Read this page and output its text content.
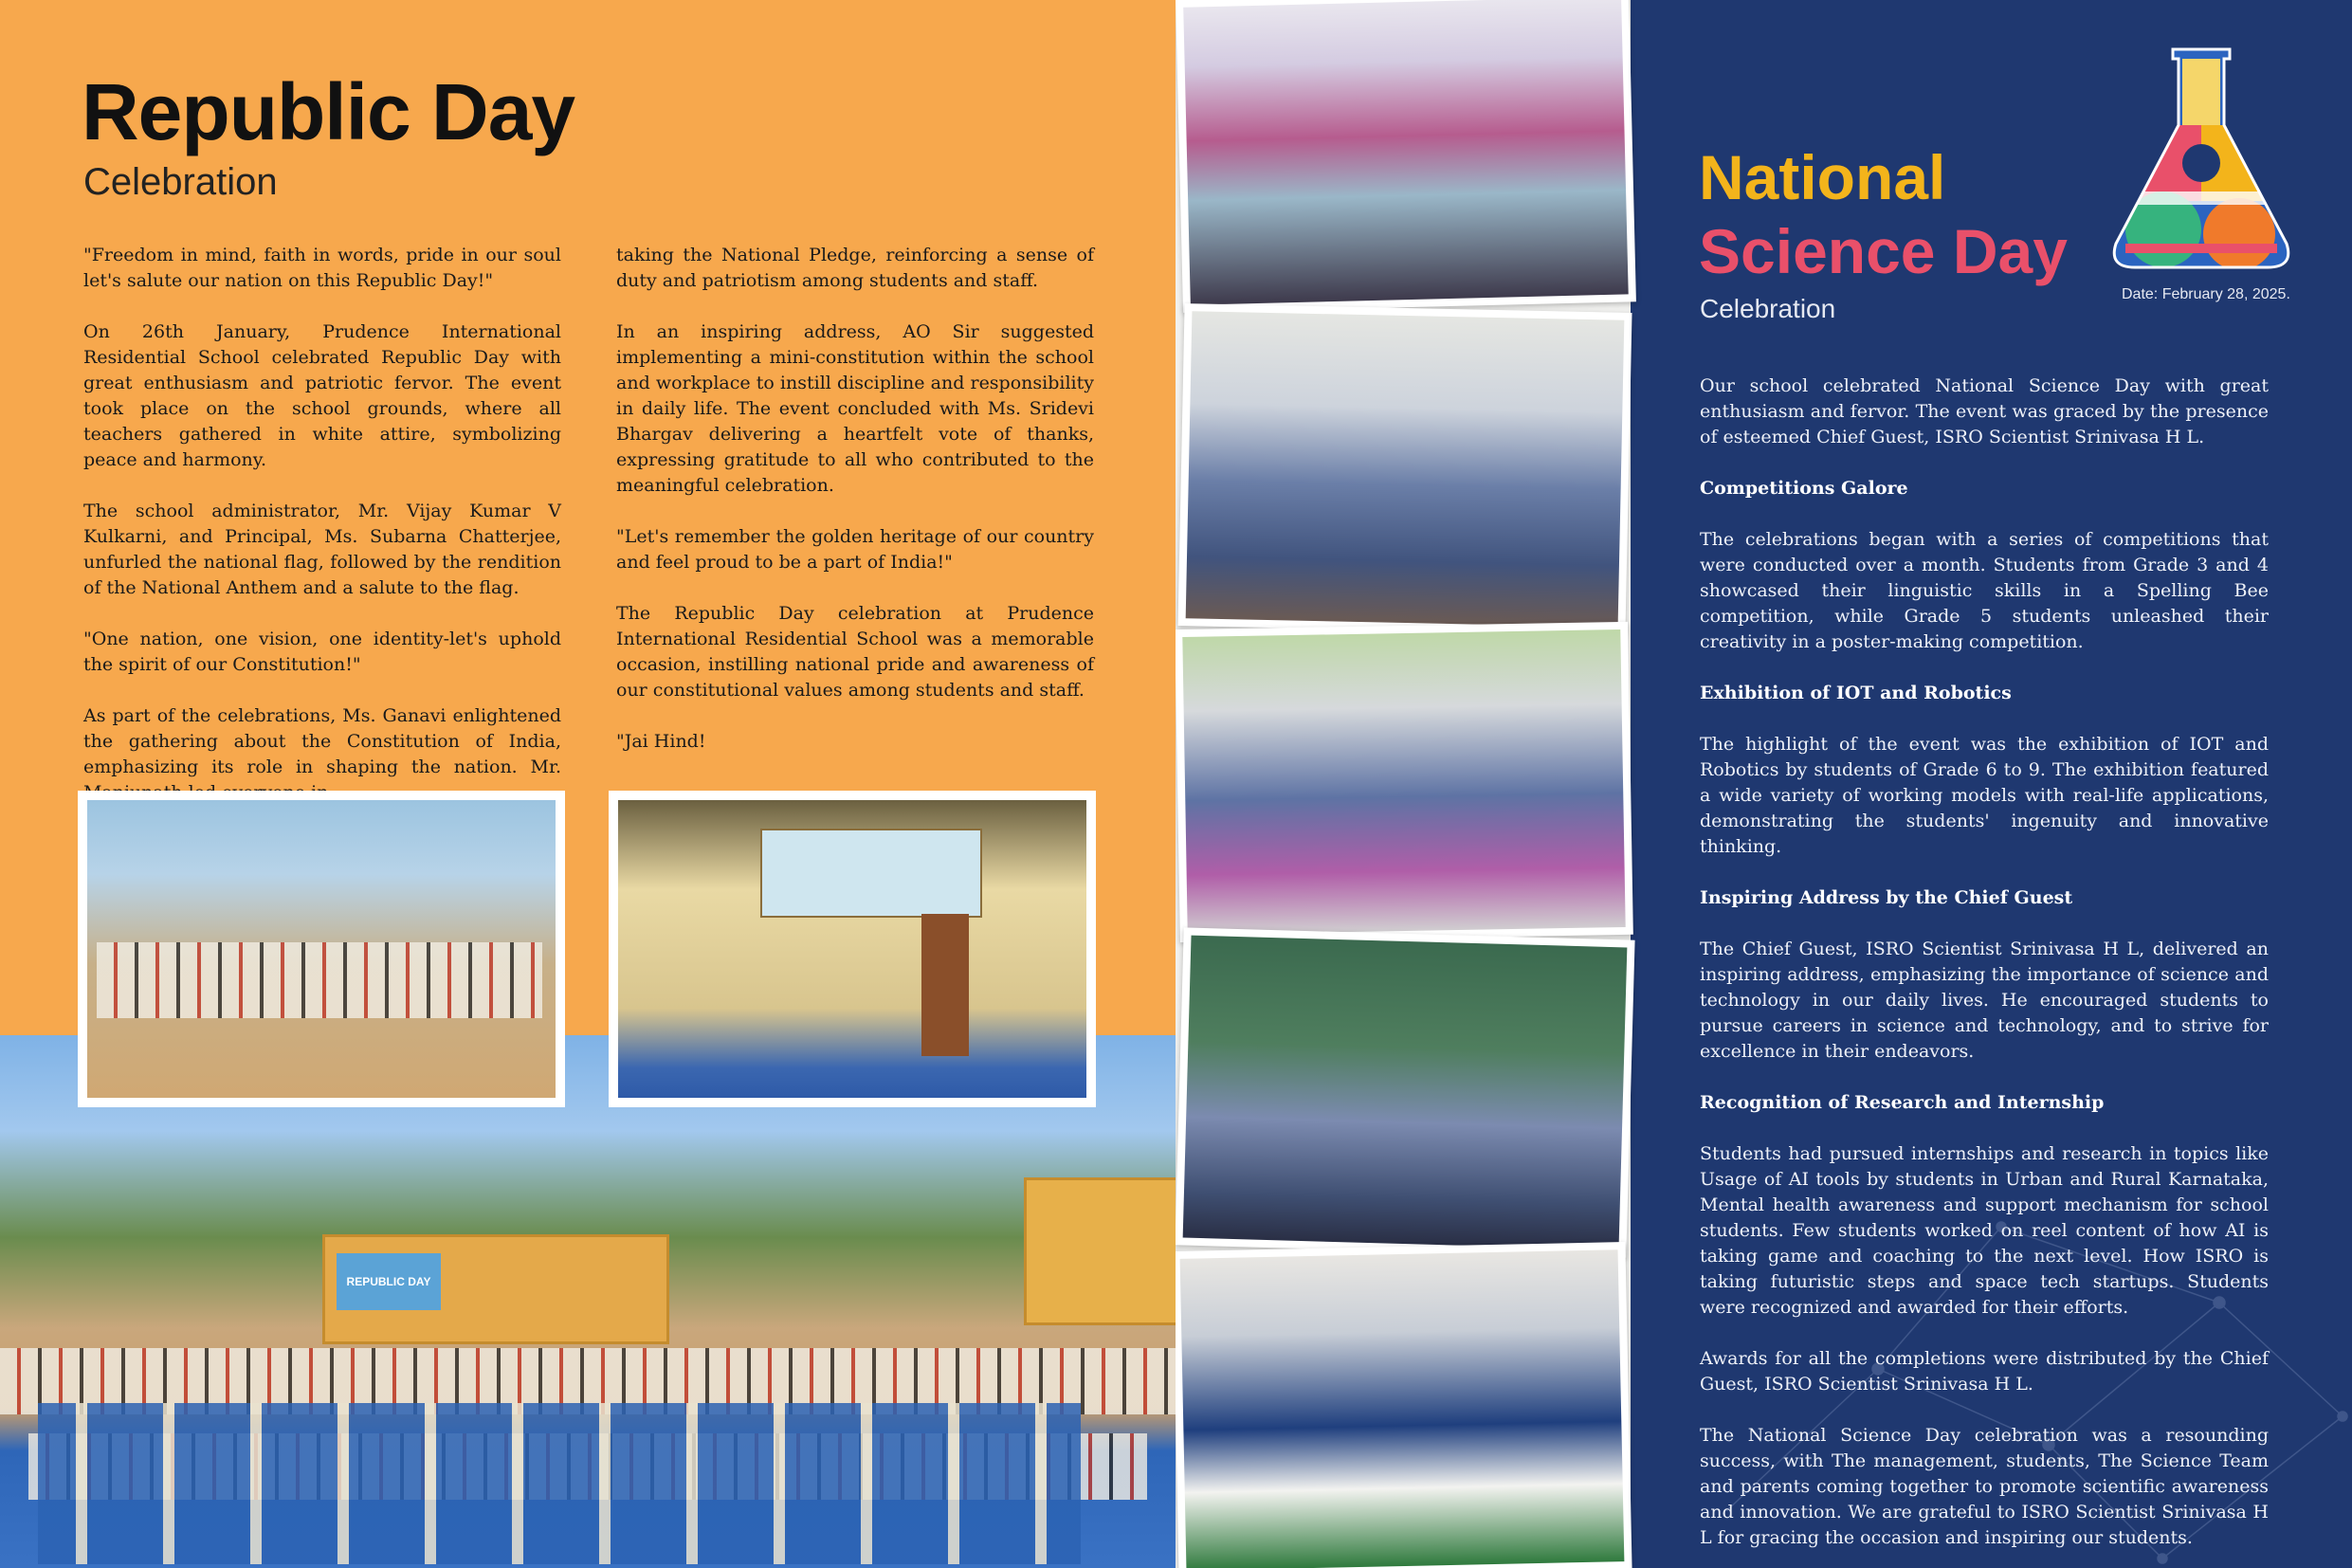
Republic Day
Celebration

"Freedom in mind, faith in words, pride in our soul let's salute our nation on this Republic Day!"

On 26th January, Prudence International Residential School celebrated Republic Day with great enthusiasm and patriotic fervor. The event took place on the school grounds, where all teachers gathered in white attire, symbolizing peace and harmony.

The school administrator, Mr. Vijay Kumar V Kulkarni, and Principal, Ms. Subarna Chatterjee, unfurled the national flag, followed by the rendition of the National Anthem and a salute to the flag.

"One nation, one vision, one identity-let's uphold the spirit of our Constitution!"

As part of the celebrations, Ms. Ganavi enlightened the gathering about the Constitution of India, emphasizing its role in shaping the nation. Mr.

taking the National Pledge, reinforcing a sense of duty and patriotism among students and staff.

In an inspiring address, AO Sir suggested implementing a mini-constitution within the school and workplace to instill discipline and responsibility in daily life. The event concluded with Ms. Sridevi Bhargav delivering a heartfelt vote of thanks, expressing gratitude to all who contributed to the meaningful celebration.

"Let's remember the golden heritage of our country and feel proud to be a part of India!"

The Republic Day celebration at Prudence International Residential School was a memorable occasion, instilling national pride and awareness of our constitutional values among students and staff.

"Jai Hind!

REPUBLIC DAY
National
Science Day
Celebration	Date: February 28, 2025.

Our school celebrated National Science Day with great enthusiasm and fervor. The event was graced by the presence of esteemed Chief Guest, ISRO Scientist Srinivasa H L.

Competitions Galore

The celebrations began with a series of competitions that were conducted over a month. Students from Grade 3 and 4 showcased their linguistic skills in a Spelling Bee competition, while Grade 5 students unleashed their creativity in a poster-making competition.

Exhibition of IOT and Robotics

The highlight of the event was the exhibition of IOT and Robotics by students of Grade 6 to 9. The exhibition featured a wide variety of working models with real-life applications, demonstrating the students' ingenuity and innovative thinking.

Inspiring Address by the Chief Guest

The Chief Guest, ISRO Scientist Srinivasa H L, delivered an inspiring address, emphasizing the importance of science and technology in our daily lives. He encouraged students to pursue careers in science and technology, and to strive for excellence in their endeavors.

Recognition of Research and Internship

Students had pursued internships and research in topics like Usage of AI tools by students in Urban and Rural Karnataka, Mental health awareness and support mechanism for school students. Few students worked on reel content of how AI is taking game and coaching to the next level. How ISRO is taking futuristic steps and space tech startups. Students were recognized and awarded for their efforts.

Awards for all the completions were distributed by the Chief Guest, ISRO Scientist Srinivasa H L.

The National Science Day celebration was a resounding success, with The management, students, The Science Team and parents coming together to promote scientific awareness and innovation. We are grateful to ISRO Scientist Srinivasa H L for gracing the occasion and inspiring our students.
